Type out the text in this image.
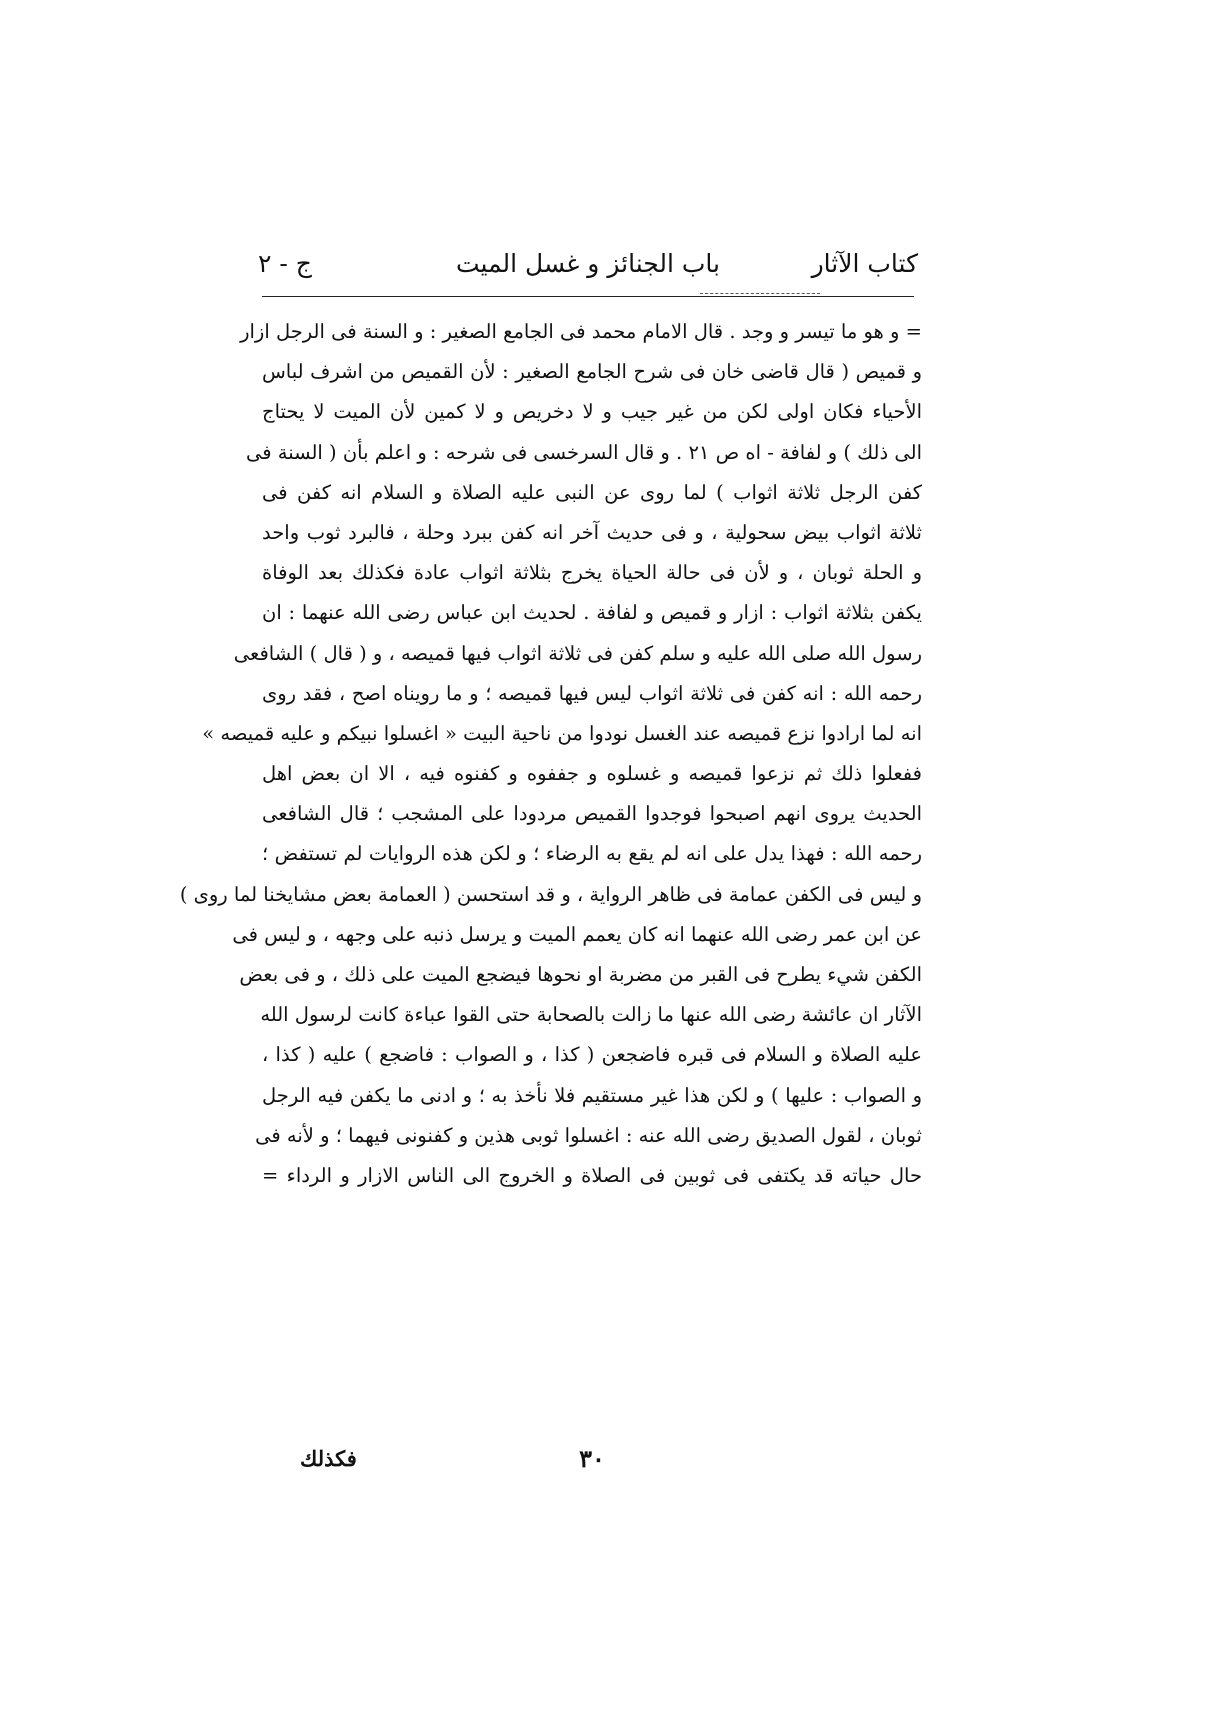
كتاب الآثار
باب الجنائز و غسل الميت
ج - ٢
= و هو ما تيسر و وجد . قال الامام محمد فى الجامع الصغير : و السنة فى الرجل ازار
و قميص ( قال قاضى خان فى شرح الجامع الصغير : لأن القميص من اشرف لباس
الأحياء فكان اولى لكن من غير جيب و لا دخريص و لا كمين لأن الميت لا يحتاج
الى ذلك ) و لفافة - اه ص ٢١ . و قال السرخسى فى شرحه : و اعلم بأن ( السنة فى
كفن الرجل ثلاثة اثواب ) لما روى عن النبى عليه الصلاة و السلام انه كفن فى
ثلاثة اثواب بيض سحولية ، و فى حديث آخر انه كفن ببرد وحلة ، فالبرد ثوب واحد
و الحلة ثوبان ، و لأن فى حالة الحياة يخرج بثلاثة اثواب عادة فكذلك بعد الوفاة
يكفن بثلاثة اثواب : ازار و قميص و لفافة . لحديث ابن عباس رضى الله عنهما : ان
رسول الله صلى الله عليه و سلم كفن فى ثلاثة اثواب فيها قميصه ، و ( قال ) الشافعى
رحمه الله : انه كفن فى ثلاثة اثواب ليس فيها قميصه ؛ و ما رويناه اصح ، فقد روى
انه لما ارادوا نزع قميصه عند الغسل نودوا من ناحية البيت « اغسلوا نبيكم و عليه قميصه »
ففعلوا ذلك ثم نزعوا قميصه و غسلوه و جففوه و كفنوه فيه ، الا ان بعض اهل
الحديث يروى انهم اصبحوا فوجدوا القميص مردودا على المشجب ؛ قال الشافعى
رحمه الله : فهذا يدل على انه لم يقع به الرضاء ؛ و لكن هذه الروايات لم تستفض ؛
و ليس فى الكفن عمامة فى ظاهر الرواية ، و قد استحسن ( العمامة بعض مشايخنا لما روى )
عن ابن عمر رضى الله عنهما انه كان يعمم الميت و يرسل ذنبه على وجهه ، و ليس فى
الكفن شيء يطرح فى القبر من مضربة او نحوها فيضجع الميت على ذلك ، و فى بعض
الآثار ان عائشة رضى الله عنها ما زالت بالصحابة حتى القوا عباءة كانت لرسول الله
عليه الصلاة و السلام فى قبره فاضجعن ( كذا ، و الصواب : فاضجع ) عليه ( كذا ،
و الصواب : عليها ) و لكن هذا غير مستقيم فلا نأخذ به ؛ و ادنى ما يكفن فيه الرجل
ثوبان ، لقول الصديق رضى الله عنه : اغسلوا ثوبى هذين و كفنونى فيهما ؛ و لأنه فى
حال حياته قد يكتفى فى ثوبين فى الصلاة و الخروج الى الناس الازار و الرداء =
٣٠
فكذلك
